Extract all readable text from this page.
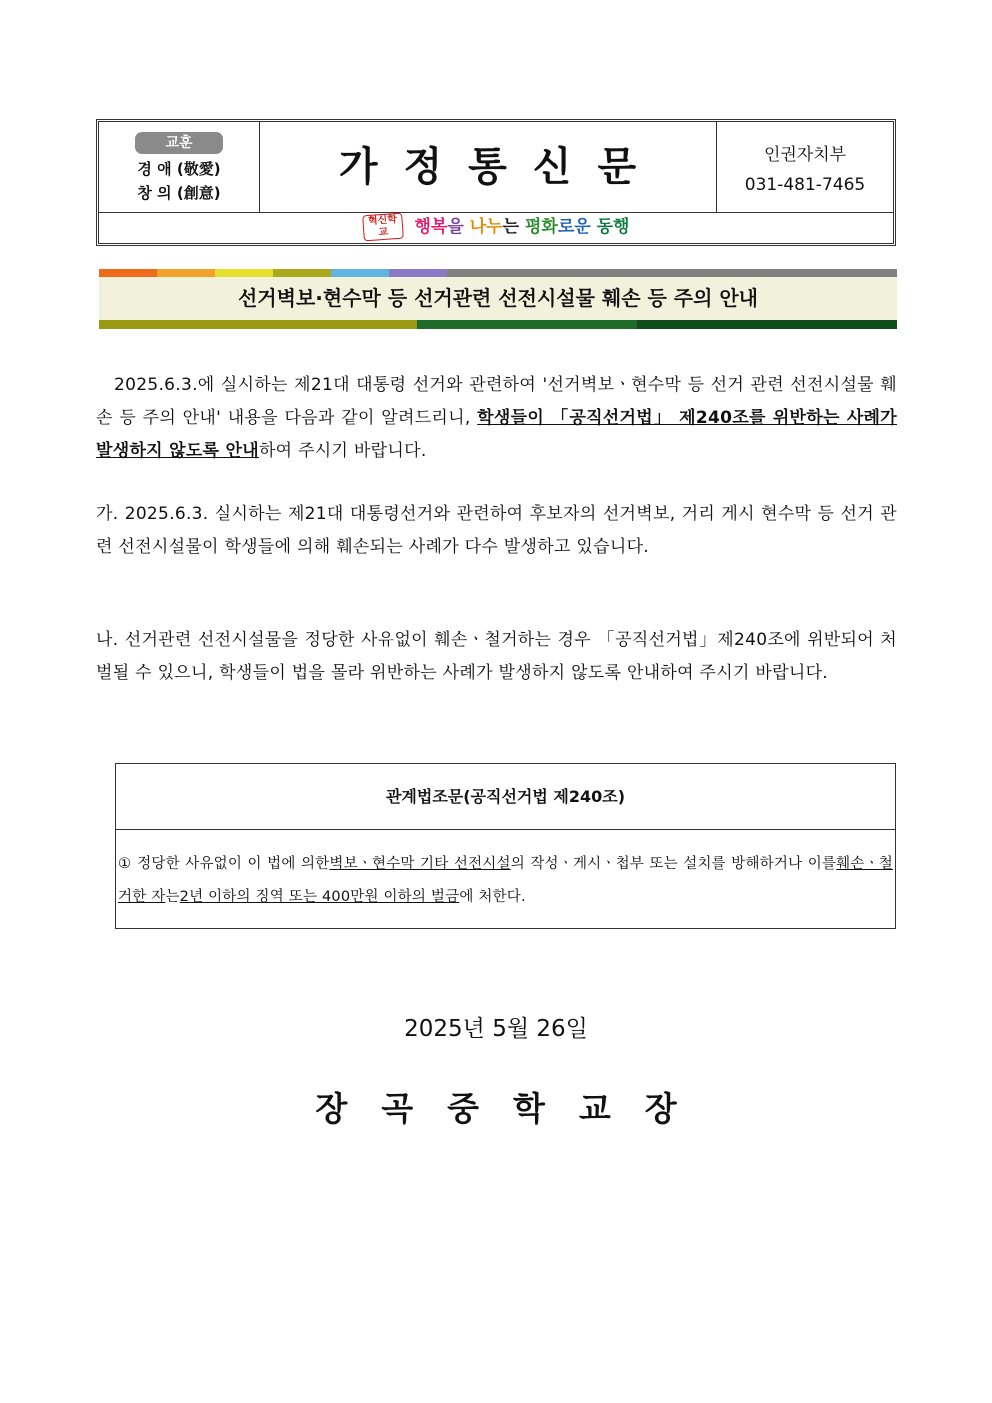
교훈
경 애 (敬愛)
창 의 (創意)
가정통신문	인권자치부
031-481-7465
혁신학교 행복을 나누는 평화로운 동행
선거벽보·현수막 등 선거관련 선전시설물 훼손 등 주의 안내
2025.6.3.에 실시하는 제21대 대통령 선거와 관련하여 '선거벽보ㆍ현수막 등 선거 관련 선전시설물 훼손 등 주의 안내' 내용을 다음과 같이 알려드리니, 학생들이 「공직선거법」 제240조를 위반하는 사례가 발생하지 않도록 안내하여 주시기 바랍니다.
가. 2025.6.3. 실시하는 제21대 대통령선거와 관련하여 후보자의 선거벽보, 거리 게시 현수막 등 선거 관련 선전시설물이 학생들에 의해 훼손되는 사례가 다수 발생하고 있습니다.
나. 선거관련 선전시설물을 정당한 사유없이 훼손ㆍ철거하는 경우 「공직선거법」제240조에 위반되어 처벌될 수 있으니, 학생들이 법을 몰라 위반하는 사례가 발생하지 않도록 안내하여 주시기 바랍니다.
관계법조문(공직선거법 제240조)
① 정당한 사유없이 이 법에 의한벽보ㆍ현수막 기타 선전시설의 작성ㆍ게시ㆍ첩부 또는 설치를 방해하거나 이를훼손ㆍ철거한 자는2년 이하의 징역 또는 400만원 이하의 벌금에 처한다.
2025년 5월 26일
장곡중학교장
